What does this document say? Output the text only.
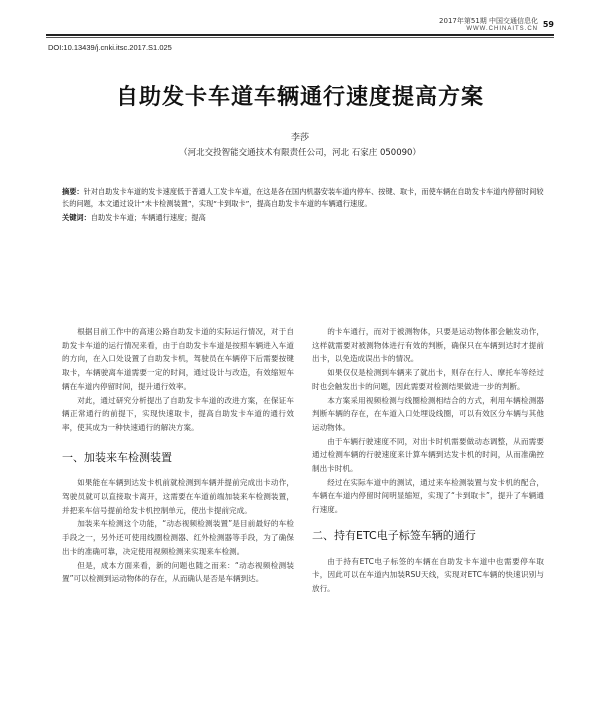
2017年第51期 中国交通信息化
WWW.CHINAITS.CN 59
DOI:10.13439/j.cnki.itsc.2017.S1.025
自助发卡车道车辆通行速度提高方案
李莎
（河北交投智能交通技术有限责任公司，河北 石家庄 050090）
摘要：针对自助发卡车道的发卡速度低于普通人工发卡车道，在这是各在国内机器安装车道内停车、按键、取卡，而使车辆在自助发卡车道内停留时间较长的问题，本文通过设计“未卡检测装置”，实现“卡到取卡”，提高自助发卡车道的车辆通行速度。
关键词：自助发卡车道；车辆通行速度；提高

根据目前工作中的高速公路自助发卡道的实际运行情况，对于自助发卡车道的运行情况来看，由于自助发卡车道是按照车辆进入车道的方向，在入口处设置了自助发卡机，驾驶员在车辆停下后需要按键取卡，车辆驶离车道需要一定的时间，通过设计与改造，有效缩短车辆在车道内停留时间，提升通行效率。

对此，通过研究分析提出了自助发卡车道的改进方案，在保证车辆正常通行的前提下，实现快速取卡，提高自助发卡车道的通行效率，使其成为一种快速通行的解决方案。

一、加装来车检测装置

如果能在车辆到达发卡机前就检测到车辆并提前完成出卡动作，驾驶员就可以直接取卡离开，这需要在车道前端加装来车检测装置，并把来车信号提前给发卡机控制单元，使出卡提前完成。

加装来车检测这个功能，“动态视频检测装置”是目前最好的车检手段之一，另外还可使用线圈检测器、红外检测器等手段，为了确保出卡的准确可靠，决定使用视频检测来实现来车检测。

但是，成本方面来看，新的问题也随之而来：“动态视频检测装置”可以检测到运动物体的存在，从而确认是否是车辆到达。

的卡车通行，而对于被测物体，只要是运动物体都会触发动作，这样就需要对被测物体进行有效的判断，确保只在车辆到达时才提前出卡，以免造成误出卡的情况。

如果仅仅是检测到车辆来了就出卡，则存在行人、摩托车等经过时也会触发出卡的问题，因此需要对检测结果做进一步的判断。

本方案采用视频检测与线圈检测相结合的方式，利用车辆检测器判断车辆的存在，在车道入口处埋设线圈，可以有效区分车辆与其他运动物体。

由于车辆行驶速度不同，对出卡时机需要做动态调整，从而需要通过检测车辆的行驶速度来计算车辆到达发卡机的时间，从而准确控制出卡时机。

经过在实际车道中的测试，通过来车检测装置与发卡机的配合，车辆在车道内停留时间明显缩短，实现了“卡到取卡”，提升了车辆通行速度。

二、持有ETC电子标签车辆的通行

由于持有ETC电子标签的车辆在自助发卡车道中也需要停车取卡，因此可以在车道内加装RSU天线，实现对ETC车辆的快速识别与放行。
